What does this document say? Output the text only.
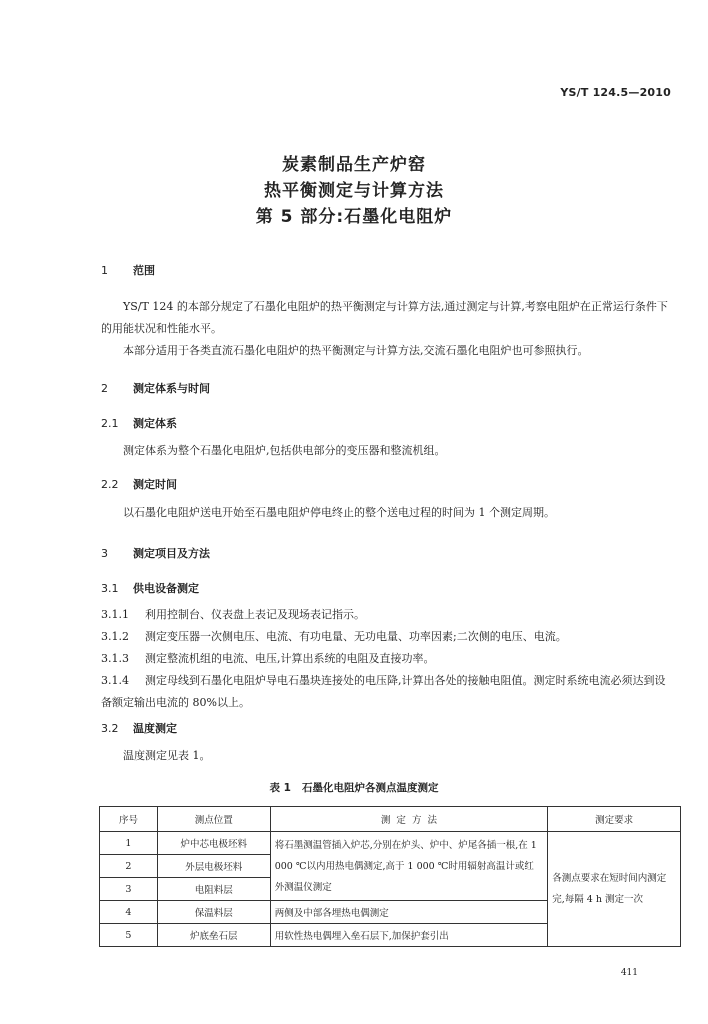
YS/T 124.5—2010
炭素制品生产炉窑
热平衡测定与计算方法
第 5 部分:石墨化电阻炉
1 范围
YS/T 124 的本部分规定了石墨化电阻炉的热平衡测定与计算方法,通过测定与计算,考察电阻炉在正常运行条件下的用能状况和性能水平。
本部分适用于各类直流石墨化电阻炉的热平衡测定与计算方法,交流石墨化电阻炉也可参照执行。
2 测定体系与时间
2.1 测定体系
测定体系为整个石墨化电阻炉,包括供电部分的变压器和整流机组。
2.2 测定时间
以石墨化电阻炉送电开始至石墨电阻炉停电终止的整个送电过程的时间为 1 个测定周期。
3 测定项目及方法
3.1 供电设备测定
3.1.1 利用控制台、仪表盘上表记及现场表记指示。
3.1.2 测定变压器一次侧电压、电流、有功电量、无功电量、功率因素;二次侧的电压、电流。
3.1.3 测定整流机组的电流、电压,计算出系统的电阻及直接功率。
3.1.4 测定母线到石墨化电阻炉导电石墨块连接处的电压降,计算出各处的接触电阻值。测定时系统电流必须达到设备额定输出电流的 80%以上。
3.2 温度测定
温度测定见表 1。
表 1   石墨化电阻炉各测点温度测定
序号	测点位置	测  定  方  法	测定要求
1	炉中芯电极坯料	将石墨测温管插入炉芯,分别在炉头、炉中、炉尾各插一根,在 1 000 ℃以内用热电偶测定,高于 1 000 ℃时用辐射高温计或红外测温仪测定	各测点要求在短时间内测定完,每隔 4 h 测定一次
2	外层电极坯料		
3	电阻料层		
4	保温料层	两侧及中部各埋热电偶测定	
5	炉底垒石层	用软性热电偶埋入垒石层下,加保护套引出	
411
